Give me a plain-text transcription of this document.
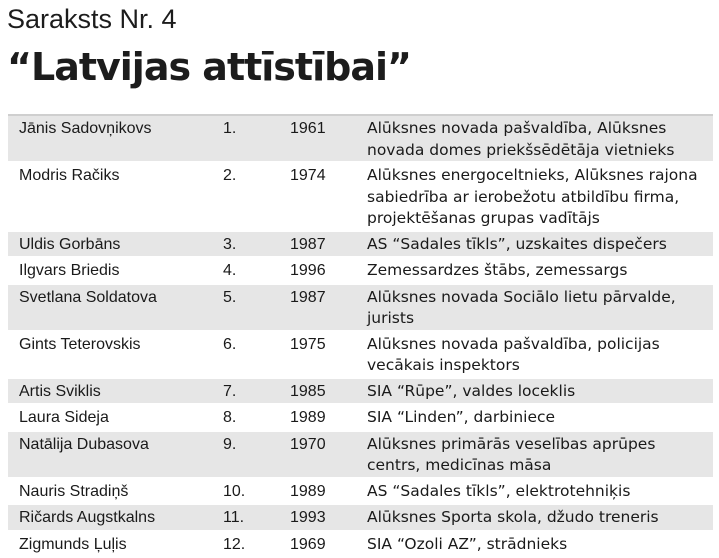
Saraksts Nr. 4
“Latvijas attīstībai”
Jānis Sadovņikovs	1.	1961	Alūksnes novada pašvaldība, Alūksnes novada domes priekšsēdētāja vietnieks
Modris Račiks	2.	1974	Alūksnes energoceltnieks, Alūksnes rajona sabiedrība ar ierobežotu atbildību firma, projektēšanas grupas vadītājs
Uldis Gorbāns	3.	1987	AS “Sadales tīkls”, uzskaites dispečers
Ilgvars Briedis	4.	1996	Zemessardzes štābs, zemessargs
Svetlana Soldatova	5.	1987	Alūksnes novada Sociālo lietu pārvalde, jurists
Gints Teterovskis	6.	1975	Alūksnes novada pašvaldība, policijas vecākais inspektors
Artis Sviklis	7.	1985	SIA “Rūpe”, valdes loceklis
Laura Sideja	8.	1989	SIA “Linden”, darbiniece
Natālija Dubasova	9.	1970	Alūksnes primārās veselības aprūpes centrs, medicīnas māsa
Nauris Stradiņš	10.	1989	AS “Sadales tīkls”, elektrotehniķis
Ričards Augstkalns	11.	1993	Alūksnes Sporta skola, džudo treneris
Zigmunds Ļuļis	12.	1969	SIA “Ozoli AZ”, strādnieks
